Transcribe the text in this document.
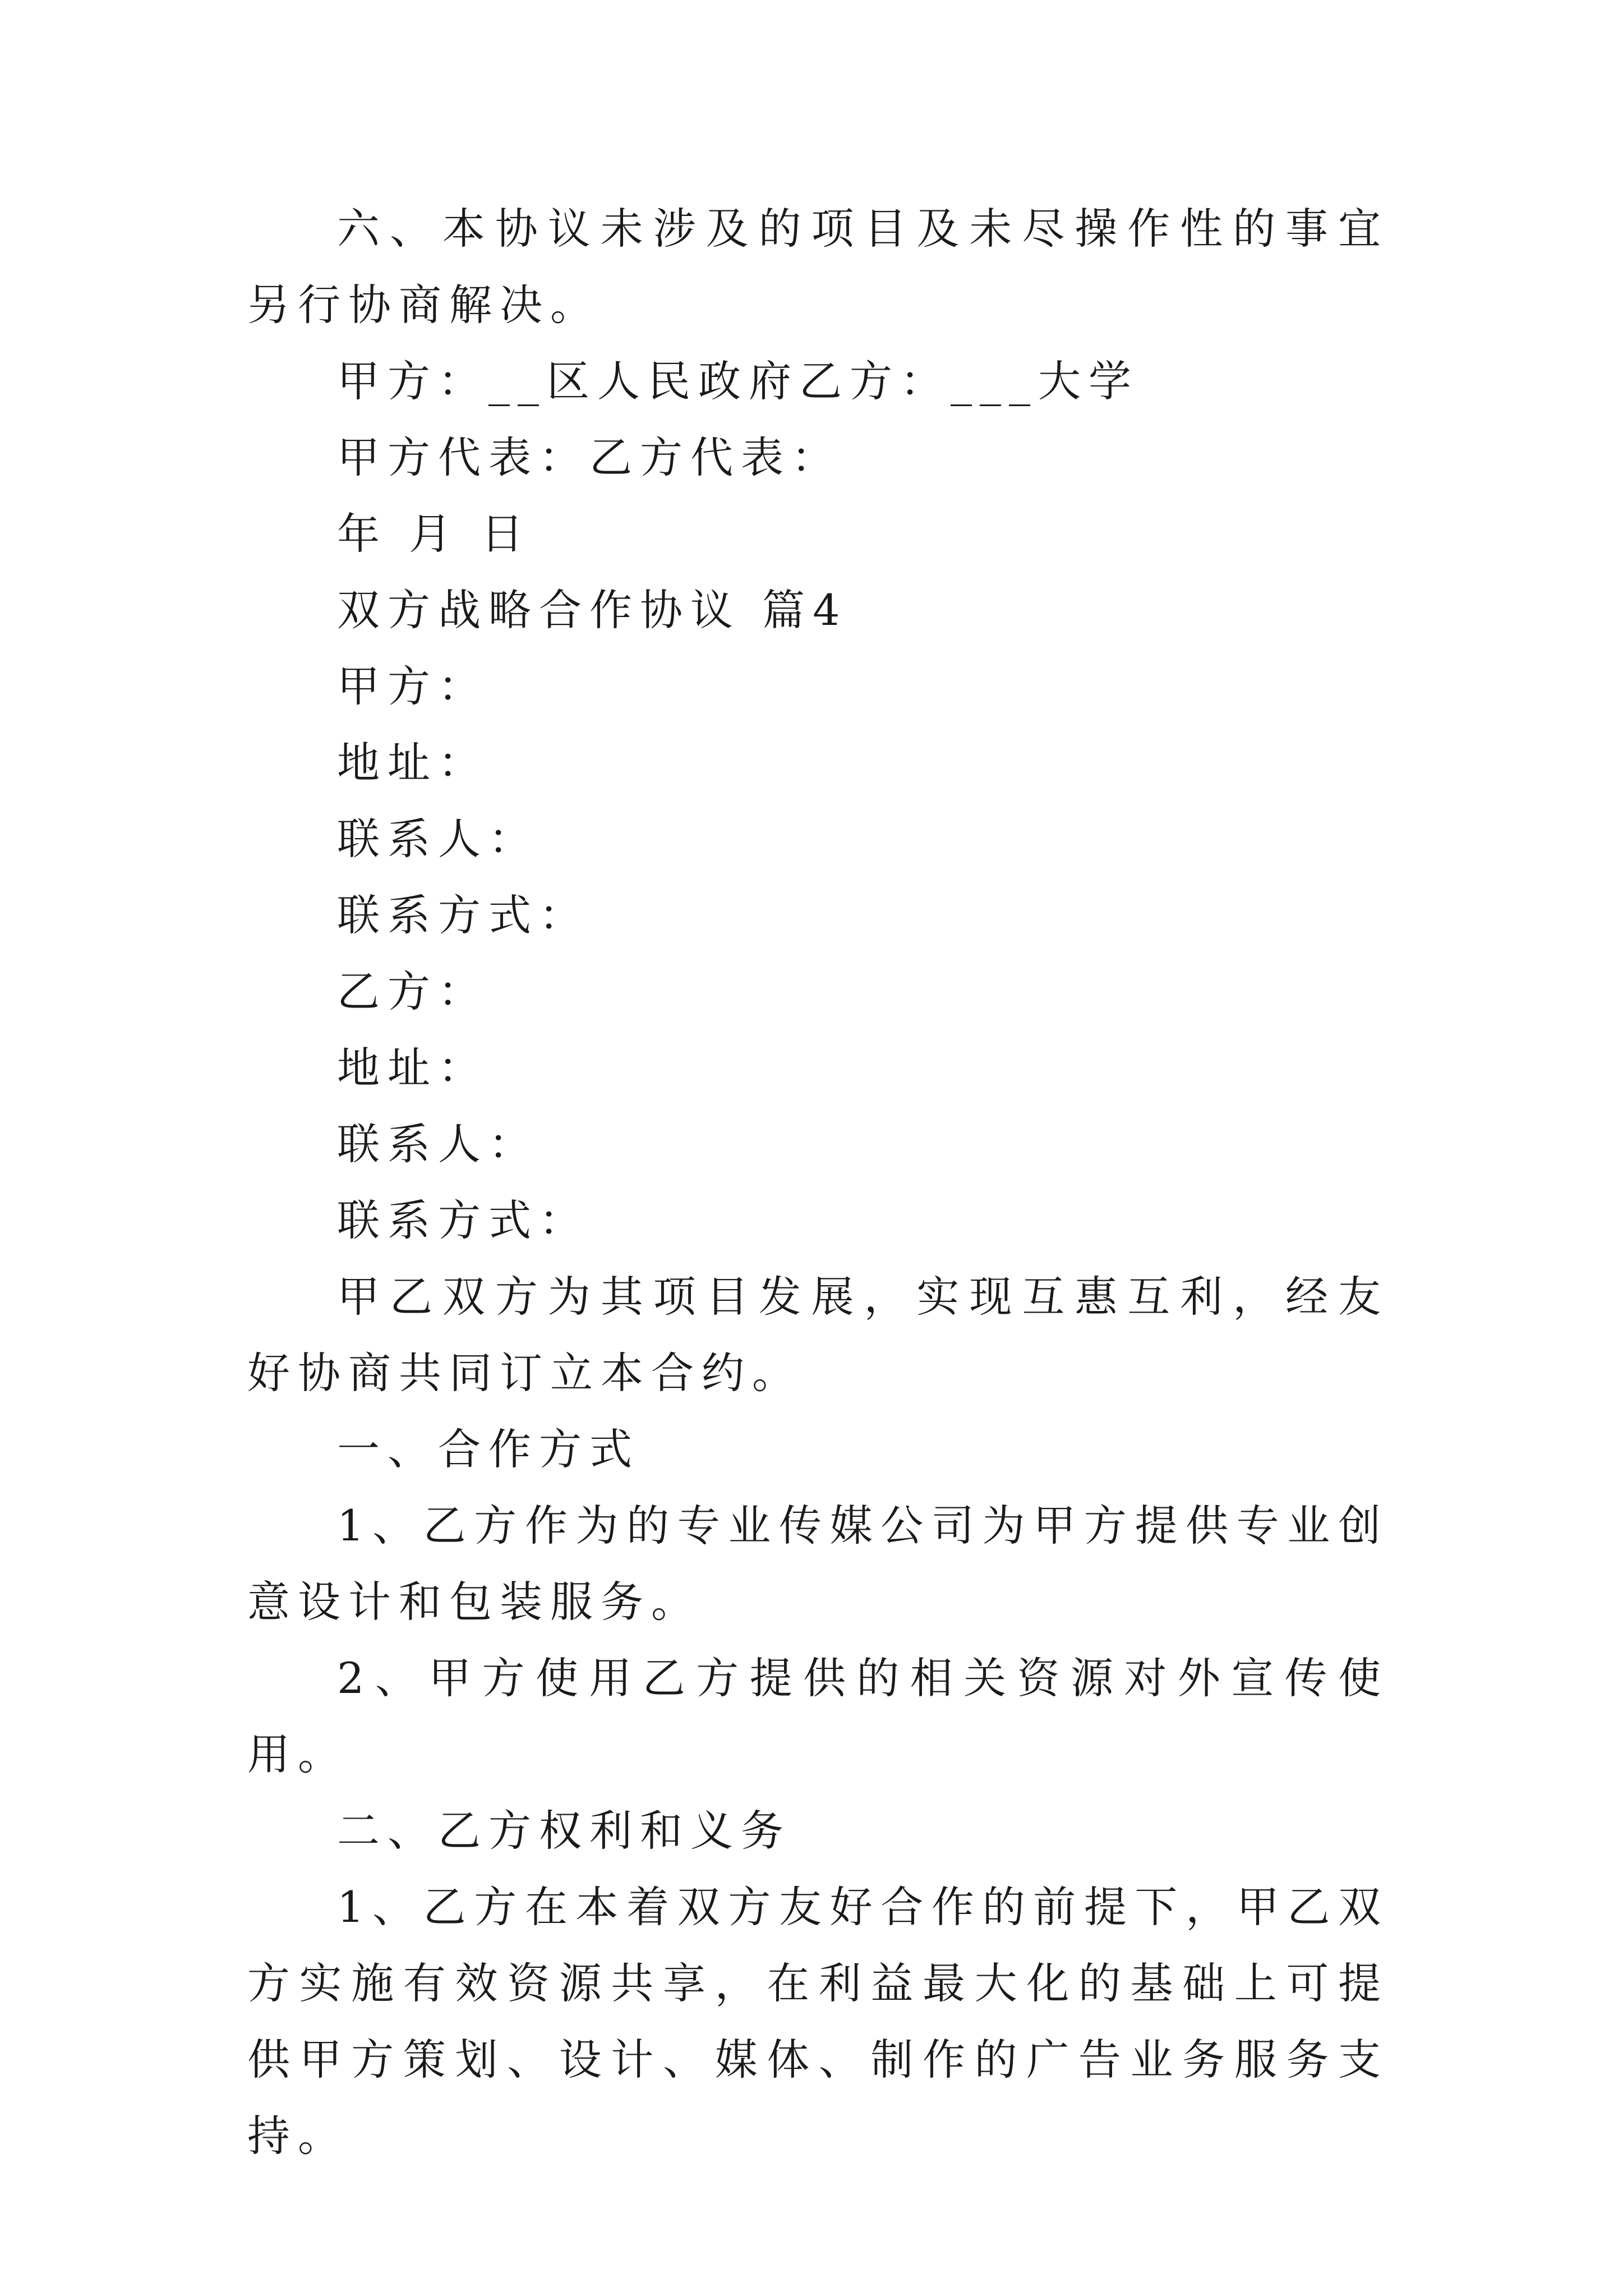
六、本协议未涉及的项目及未尽操作性的事宜另行协商解决。

甲方：__区人民政府乙方：___大学

甲方代表：乙方代表：

年 月 日

双方战略合作协议 篇4

甲方：

地址：

联系人：

联系方式：

乙方：

地址：

联系人：

联系方式：

甲乙双方为其项目发展，实现互惠互利，经友好协商共同订立本合约。

一、合作方式

1、乙方作为的专业传媒公司为甲方提供专业创意设计和包装服务。

2、甲方使用乙方提供的相关资源对外宣传使用。

二、乙方权利和义务

1、乙方在本着双方友好合作的前提下，甲乙双方实施有效资源共享，在利益最大化的基础上可提供甲方策划、设计、媒体、制作的广告业务服务支持。
